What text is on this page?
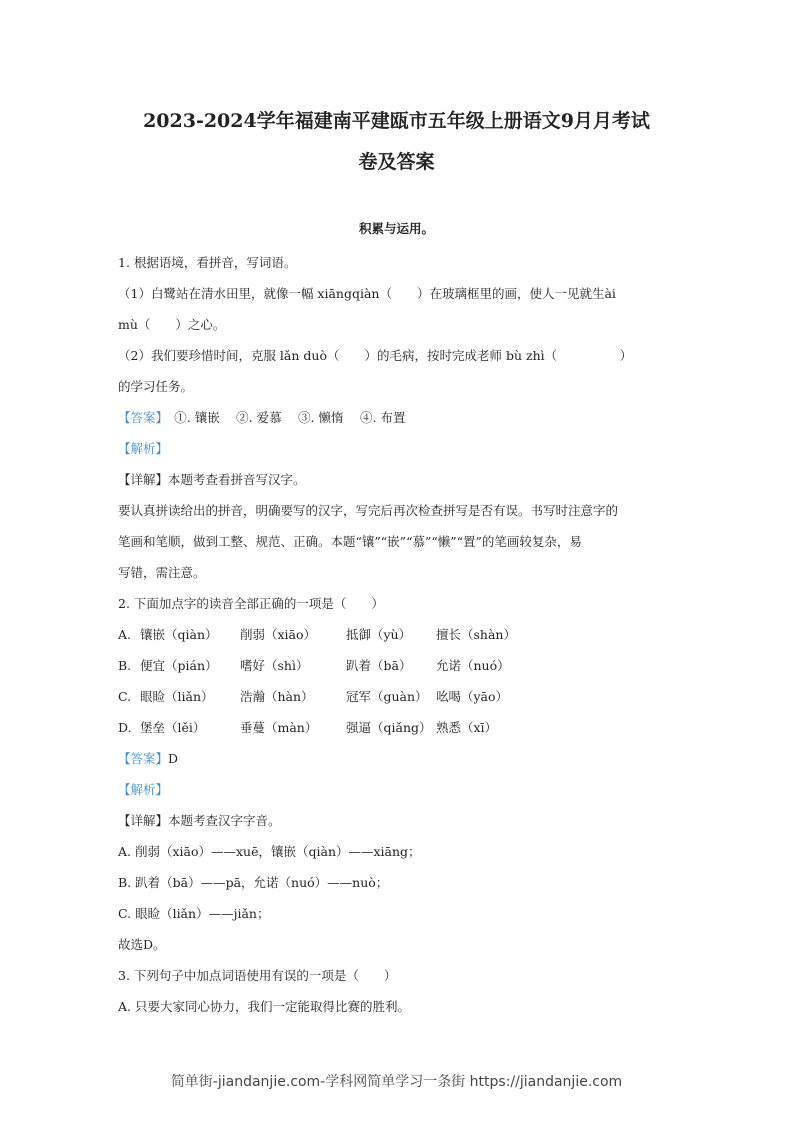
2023-2024学年福建南平建瓯市五年级上册语文9月月考试
卷及答案
积累与运用。
1. 根据语境，看拼音，写词语。
（1）白鹭站在清水田里，就像一幅 xiāngqiàn（　　）在玻璃框里的画，使人一见就生ài
mù（　　）之心。
（2）我们要珍惜时间，克服 lǎn duò（　　）的毛病，按时完成老师 bù zhì（　　　　　）
的学习任务。
【答案】　①. 镶嵌　 ②. 爱慕　 ③. 懒惰　 ④. 布置
【解析】
【详解】本题考查看拼音写汉字。
要认真拼读给出的拼音，明确要写的汉字，写完后再次检查拼写是否有误。书写时注意字的
笔画和笔顺，做到工整、规范、正确。本题“镶”“嵌”“慕”“懒”“置”的笔画较复杂，易
写错，需注意。
2. 下面加点字的读音全部正确的一项是（　　）
A. 镶嵌（qiàn）	削弱（xiāo）	抵御（yù）	擅长（shàn）
B. 便宜（pián）	嗜好（shì）	趴着（bā）	允诺（nuó）
C. 眼睑（liǎn）	浩瀚（hàn）	冠军（guàn） 吆喝（yāo）
D. 堡垒（lěi）	垂蔓（màn）	强逼（qiǎng） 熟悉（xī）
【答案】D
【解析】
【详解】本题考查汉字字音。
A. 削弱（xiāo）——xuē，镶嵌（qiàn）——xiāng；
B. 趴着（bā）——pā，允诺（nuó）——nuò；
C. 眼睑（liǎn）——jiǎn；
故选D。
3. 下列句子中加点词语使用有误的一项是（　　）
A. 只要大家同心协力，我们一定能取得比赛的胜利。
简单街-jiandanjie.com-学科网简单学习一条街 https://jiandanjie.com
